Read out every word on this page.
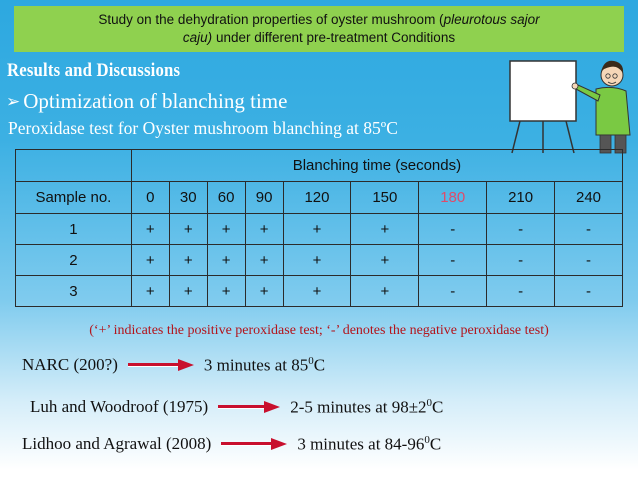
Study on the dehydration properties of oyster mushroom (pleurotous sajor
caju) under different pre-treatment Conditions
Results and Discussions
➢ Optimization of blanching time
Peroxidase test for Oyster mushroom blanching at 85ºC
	Blanching time (seconds)								
Sample no.	0	30	60	90	120	150	180	210	240
1	+	+	+	+	+	+	-	-	-
2	+	+	+	+	+	+	-	-	-
3	+	+	+	+	+	+	-	-	-
(‘+’ indicates the positive peroxidase test; ‘-’ denotes the negative peroxidase test)
NARC (200?)	3 minutes at $85^0C$
Luh and Woodroof (1975)	2-5 minutes at $98\pm 2^0C$
Lidhoo and Agrawal (2008)	3 minutes at $84-96^0C$
